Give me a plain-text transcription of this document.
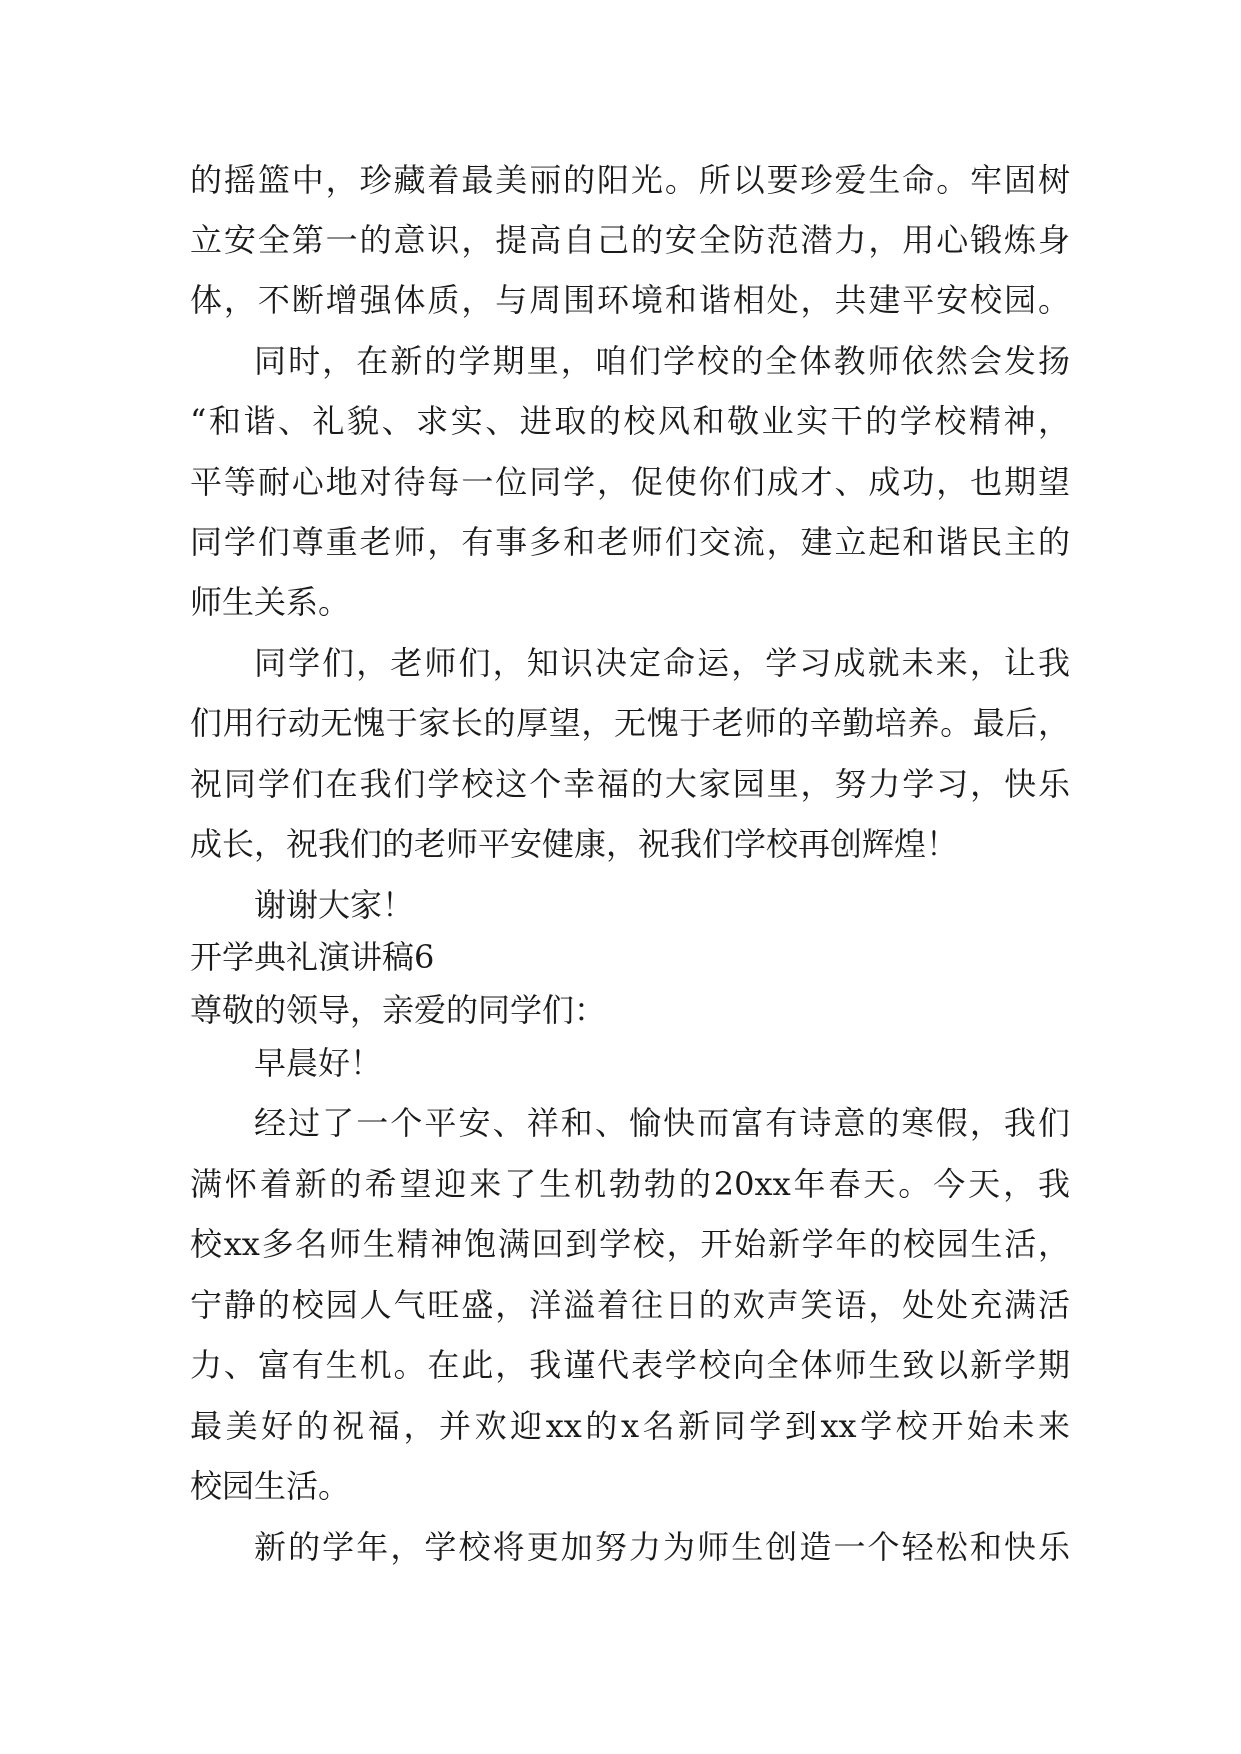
的摇篮中，珍藏着最美丽的阳光。所以要珍爱生命。牢固树
立安全第一的意识，提高自己的安全防范潜力，用心锻炼身
体，不断增强体质，与周围环境和谐相处，共建平安校园。
同时，在新的学期里，咱们学校的全体教师依然会发扬
“和谐、礼貌、求实、进取的校风和敬业实干的学校精神，
平等耐心地对待每一位同学，促使你们成才、成功，也期望
同学们尊重老师，有事多和老师们交流，建立起和谐民主的
师生关系。
同学们，老师们，知识决定命运，学习成就未来，让我
们用行动无愧于家长的厚望，无愧于老师的辛勤培养。最后，
祝同学们在我们学校这个幸福的大家园里，努力学习，快乐
成长，祝我们的老师平安健康，祝我们学校再创辉煌！
谢谢大家！
开学典礼演讲稿6
尊敬的领导，亲爱的同学们：
早晨好！
经过了一个平安、祥和、愉快而富有诗意的寒假，我们
满怀着新的希望迎来了生机勃勃的20xx年春天。今天，我
校xx多名师生精神饱满回到学校，开始新学年的校园生活，
宁静的校园人气旺盛，洋溢着往日的欢声笑语，处处充满活
力、富有生机。在此，我谨代表学校向全体师生致以新学期
最美好的祝福，并欢迎xx的x名新同学到xx学校开始未来
校园生活。
新的学年，学校将更加努力为师生创造一个轻松和快乐
